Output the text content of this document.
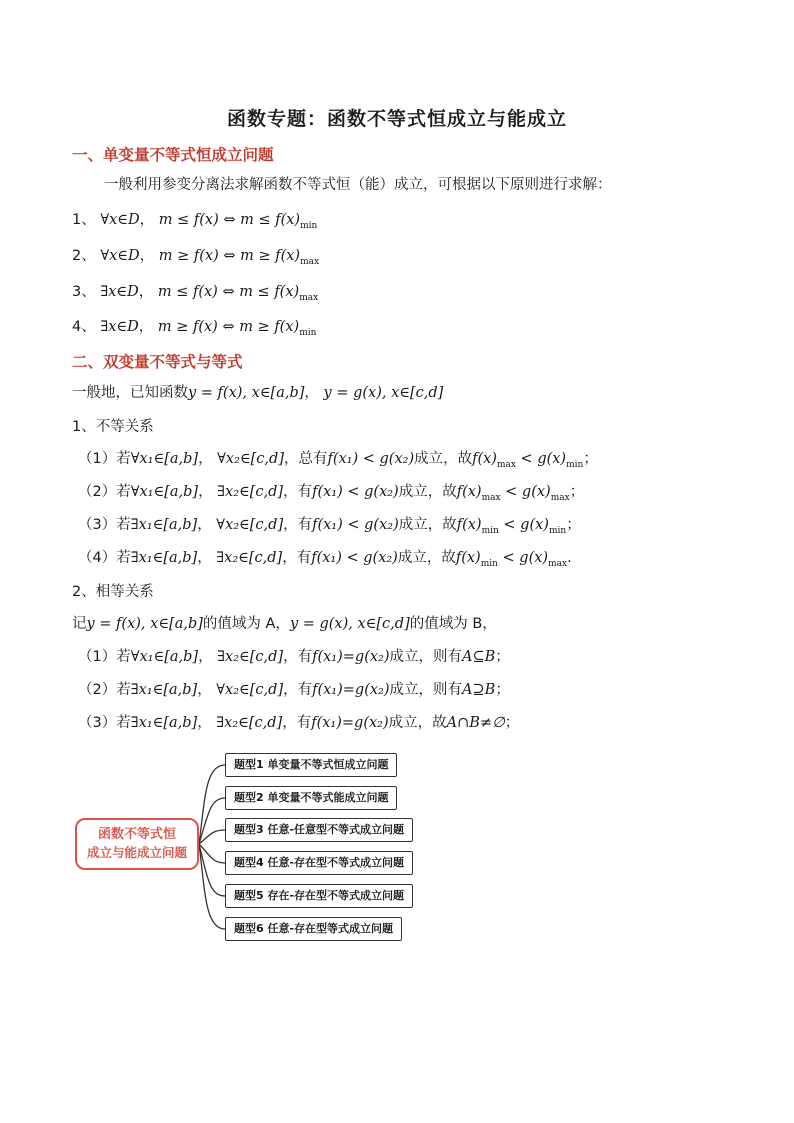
函数专题：函数不等式恒成立与能成立
一、单变量不等式恒成立问题
一般利用参变分离法求解函数不等式恒（能）成立，可根据以下原则进行求解：
1、 ∀x∈D， m ≤ f(x) ⇔ $m \le f(x)_{min}$
2、 ∀x∈D， m ≥ f(x) ⇔ $m \ge f(x)_{max}$
3、 ∃x∈D， m ≤ f(x) ⇔ $m \le f(x)_{max}$
4、 ∃x∈D， m ≥ f(x) ⇔ $m \ge f(x)_{min}$
二、双变量不等式与等式
一般地，已知函数y = f(x), x∈[a,b]， y = g(x), x∈[c,d]
1、不等关系
（1）若∀x₁∈[a,b]， ∀x₂∈[c,d]，总有f(x₁) < g(x₂)成立，故$f(x)_{max} < g(x)_{min}$；
（2）若∀x₁∈[a,b]， ∃x₂∈[c,d]，有f(x₁) < g(x₂)成立，故$f(x)_{max} < g(x)_{max}$；
（3）若∃x₁∈[a,b]， ∀x₂∈[c,d]，有f(x₁) < g(x₂)成立，故$f(x)_{min} < g(x)_{min}$；
（4）若∃x₁∈[a,b]， ∃x₂∈[c,d]，有f(x₁) < g(x₂)成立，故$f(x)_{min} < g(x)_{max}$.
2、相等关系
记y = f(x), x∈[a,b]的值域为 A，y = g(x), x∈[c,d]的值域为 B，
（1）若∀x₁∈[a,b]， ∃x₂∈[c,d]，有f(x₁)=g(x₂)成立，则有A⊆B；
（2）若∃x₁∈[a,b]， ∀x₂∈[c,d]，有f(x₁)=g(x₂)成立，则有A⊇B；
（3）若∃x₁∈[a,b]， ∃x₂∈[c,d]，有f(x₁)=g(x₂)成立，故A∩B≠∅；
函数不等式恒
成立与能成立问题
题型1 单变量不等式恒成立问题
题型2 单变量不等式能成立问题
题型3 任意-任意型不等式成立问题
题型4 任意-存在型不等式成立问题
题型5 存在-存在型不等式成立问题
题型6 任意-存在型等式成立问题
